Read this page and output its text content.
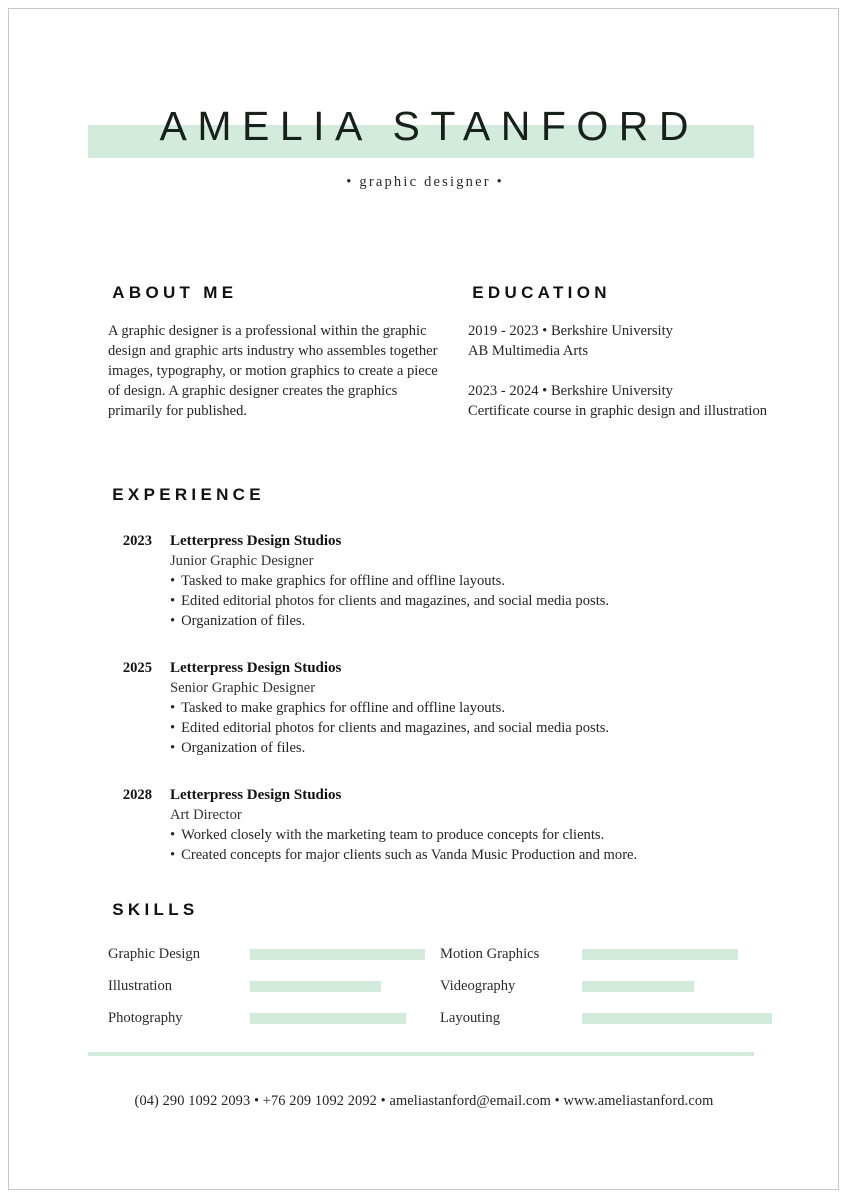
AMELIA STANFORD
• graphic designer •
ABOUT ME
A graphic designer is a professional within the graphic design and graphic arts industry who assembles together images, typography, or motion graphics to create a piece of design. A graphic designer creates the graphics primarily for published.
EDUCATION
2019 - 2023 • Berkshire University
AB Multimedia Arts
2023 - 2024 • Berkshire University
Certificate course in graphic design and illustration
EXPERIENCE
2023	Letterpress Design Studios
Junior Graphic Designer
• Tasked to make graphics for offline and offline layouts.
• Edited editorial photos for clients and magazines, and social media posts.
• Organization of files.
2025	Letterpress Design Studios
Senior Graphic Designer
• Tasked to make graphics for offline and offline layouts.
• Edited editorial photos for clients and magazines, and social media posts.
• Organization of files.
2028	Letterpress Design Studios
Art Director
• Worked closely with the marketing team to produce concepts for clients.
• Created concepts for major clients such as Vanda Music Production and more.
SKILLS
Graphic Design	Motion Graphics
Illustration	Videography
Photography	Layouting
(04) 290 1092 2093 • +76 209 1092 2092 • ameliastanford@email.com • www.ameliastanford.com
